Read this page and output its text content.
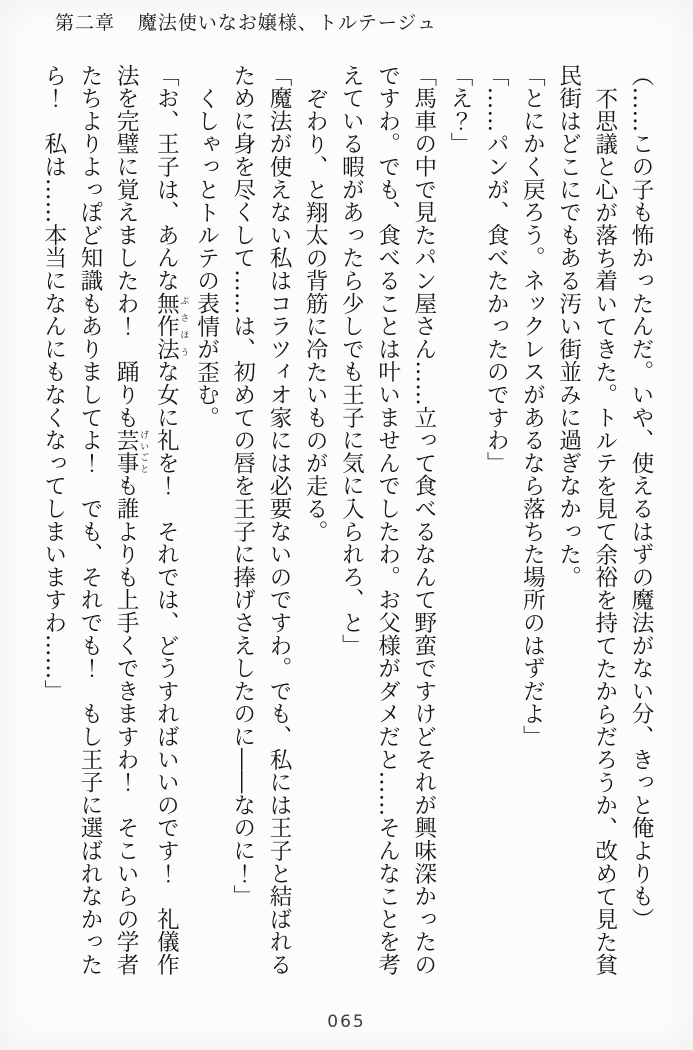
第二章 魔法使いなお嬢様、トルテージュ

（……この子も怖かったんだ。いや、使えるはずの魔法がない分、きっと俺よりも）

不思議と心が落ち着いてきた。トルテを見て余裕を持てたからだろうか、改めて見た貧

民街はどこにでもある汚い街並みに過ぎなかった。

「とにかく戻ろう。ネックレスがあるなら落ちた場所のはずだよ」

「……パンが、食べたかったのですわ」

「え？」

「馬車の中で見たパン屋さん……立って食べるなんて野蛮ですけどそれが興味深かったの

ですわ。でも、食べることは叶いませんでしたわ。お父様がダメだと……そんなことを考

えている暇があったら少しでも王子に気に入られろ、と」

ぞわり、と翔太の背筋に冷たいものが走る。

「魔法が使えない私はコラツィオ家には必要ないのですわ。でも、私には王子と結ばれる

ために身を尽くして……は、初めての唇を王子に捧げさえしたのに――なのに！」

くしゃっとトルテの表情が歪む。

「お、王子は、あんな無作法 ぶさほうな女に礼を！　それでは、どうすればいいのです！　礼儀作

法を完璧に覚えましたわ！　踊りも芸事 げいごとも誰よりも上手くできますわ！　そこいらの学者

たちよりよっぽど知識もありましてよ！　でも、それでも！　もし王子に選ばれなかった

ら！　私は……本当になんにもなくなってしまいますわ……」

065
